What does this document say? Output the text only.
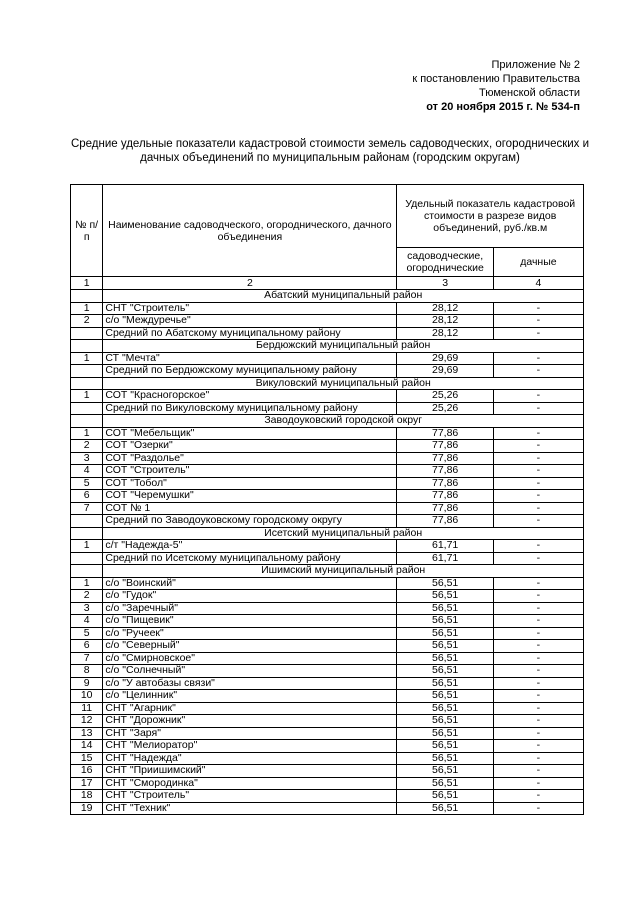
Приложение № 2
к постановлению Правительства
Тюменской области
от 20 ноября 2015 г. № 534-п
Средние удельные показатели кадастровой стоимости земель садоводческих, огороднических и
дачных объединений по муниципальным районам (городским округам)
№ п/п	Наименование садоводческого, огороднического, дачного объединения	Удельный показатель кадастровой стоимости в разрезе видов объединений, руб./кв.м	
		садоводческие, огороднические	дачные
1	2	3	4
	Абатский муниципальный район		
1	СНТ "Строитель"	28,12	-
2	с/о "Междуречье"	28,12	-
	Средний по Абатскому муниципальному району	28,12	-
	Бердюжский муниципальный район		
1	СТ "Мечта"	29,69	-
	Средний по Бердюжскому муниципальному району	29,69	-
	Викуловский муниципальный район		
1	СОТ "Красногорское"	25,26	-
	Средний по Викуловскому муниципальному району	25,26	-
	Заводоуковский городской округ		
1	СОТ "Мебельщик"	77,86	-
2	СОТ "Озерки"	77,86	-
3	СОТ "Раздолье"	77,86	-
4	СОТ "Строитель"	77,86	-
5	СОТ "Тобол"	77,86	-
6	СОТ "Черемушки"	77,86	-
7	СОТ № 1	77,86	-
	Средний по Заводоуковскому городскому округу	77,86	-
	Исетский муниципальный район		
1	с/т "Надежда-5"	61,71	-
	Средний по Исетскому муниципальному району	61,71	-
	Ишимский муниципальный район		
1	с/о "Воинский"	56,51	-
2	с/о "Гудок"	56,51	-
3	с/о "Заречный"	56,51	-
4	с/о "Пищевик"	56,51	-
5	с/о "Ручеек"	56,51	-
6	с/о "Северный"	56,51	-
7	с/о "Смирновское"	56,51	-
8	с/о "Солнечный"	56,51	-
9	с/о "У автобазы связи"	56,51	-
10	с/о "Целинник"	56,51	-
11	СНТ "Агарник"	56,51	-
12	СНТ "Дорожник"	56,51	-
13	СНТ "Заря"	56,51	-
14	СНТ "Мелиоратор"	56,51	-
15	СНТ "Надежда"	56,51	-
16	СНТ "Приишимский"	56,51	-
17	СНТ "Смородинка"	56,51	-
18	СНТ "Строитель"	56,51	-
19	СНТ "Техник"	56,51	-
